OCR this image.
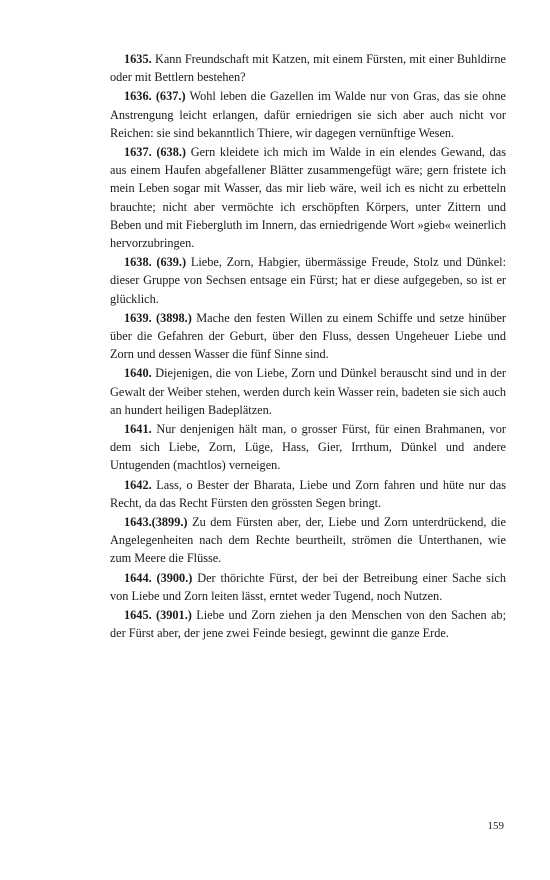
1635. Kann Freundschaft mit Katzen, mit einem Fürsten, mit einer Buhldirne oder mit Bettlern bestehen?

1636. (637.) Wohl leben die Gazellen im Walde nur von Gras, das sie ohne Anstrengung leicht erlangen, dafür erniedrigen sie sich aber auch nicht vor Reichen: sie sind bekanntlich Thiere, wir dagegen vernünftige Wesen.

1637. (638.) Gern kleidete ich mich im Walde in ein elendes Gewand, das aus einem Haufen abgefallener Blätter zusammengefügt wäre; gern fristete ich mein Leben sogar mit Wasser, das mir lieb wäre, weil ich es nicht zu erbetteln brauchte; nicht aber vermöchte ich erschöpften Körpers, unter Zittern und Beben und mit Fiebergluth im Innern, das erniedrigende Wort »gieb« weinerlich hervorzubringen.

1638. (639.) Liebe, Zorn, Habgier, übermässige Freude, Stolz und Dünkel: dieser Gruppe von Sechsen entsage ein Fürst; hat er diese aufgegeben, so ist er glücklich.

1639. (3898.) Mache den festen Willen zu einem Schiffe und setze hinüber über die Gefahren der Geburt, über den Fluss, dessen Ungeheuer Liebe und Zorn und dessen Wasser die fünf Sinne sind.

1640. Diejenigen, die von Liebe, Zorn und Dünkel berauscht sind und in der Gewalt der Weiber stehen, werden durch kein Wasser rein, badeten sie sich auch an hundert heiligen Badeplätzen.

1641. Nur denjenigen hält man, o grosser Fürst, für einen Brahmanen, vor dem sich Liebe, Zorn, Lüge, Hass, Gier, Irrthum, Dünkel und andere Untugenden (machtlos) verneigen.

1642. Lass, o Bester der Bharata, Liebe und Zorn fahren und hüte nur das Recht, da das Recht Fürsten den grössten Segen bringt.

1643.(3899.) Zu dem Fürsten aber, der, Liebe und Zorn unterdrückend, die Angelegenheiten nach dem Rechte beurtheilt, strömen die Unterthanen, wie zum Meere die Flüsse.

1644. (3900.) Der thörichte Fürst, der bei der Betreibung einer Sache sich von Liebe und Zorn leiten lässt, erntet weder Tugend, noch Nutzen.

1645. (3901.) Liebe und Zorn ziehen ja den Menschen von den Sachen ab; der Fürst aber, der jene zwei Feinde besiegt, gewinnt die ganze Erde.

159
